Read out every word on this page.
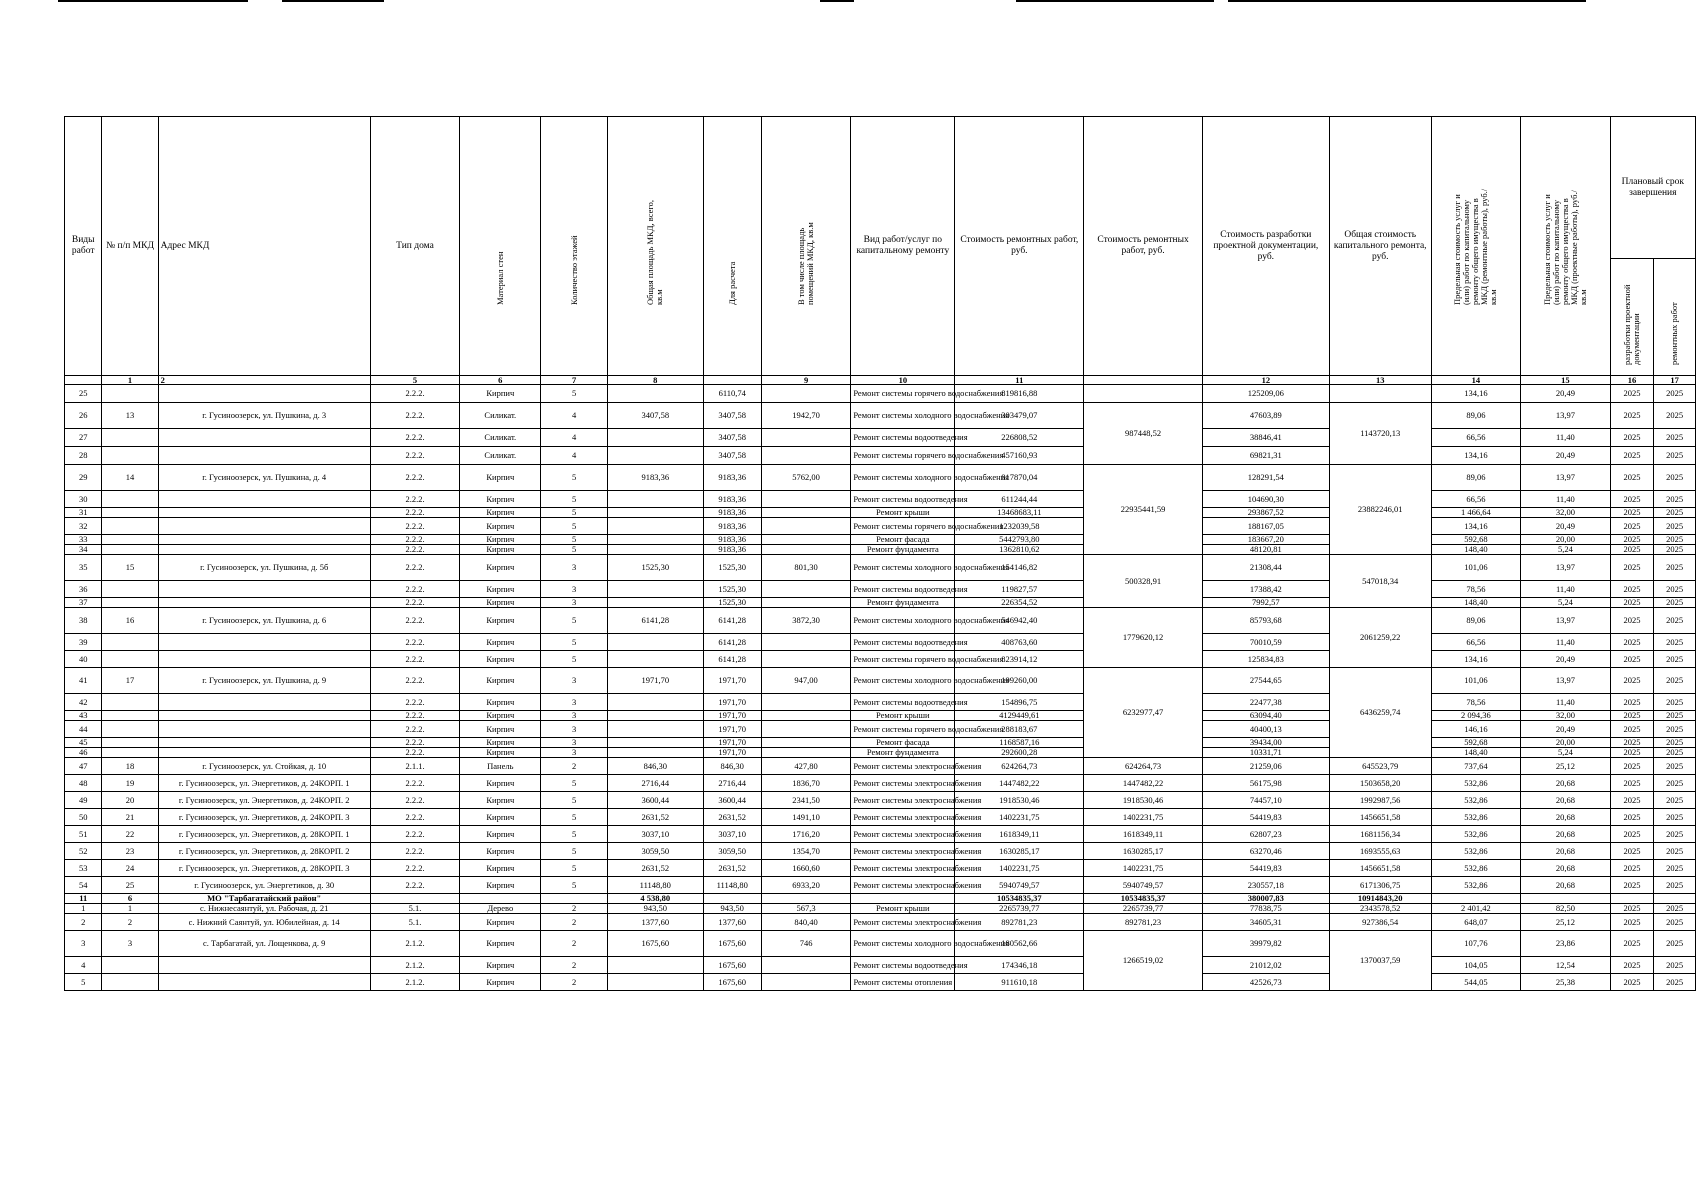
Виды работ	№ п/п МКД	Адрес МКД	Тип дома	Материал стен	Количество этажей	Общая площадь МКД, всего, кв.м	Для расчета	В том числе площадь помещений МКД, кв.м	Вид работ/услуг по капитальному ремонту	Стоимость ремонтных работ, руб.	Стоимость ремонтных работ, руб.	Стоимость разработки проектной документации, руб.	Общая стоимость капитального ремонта, руб.	Предельная стоимость услуг и (или) работ по капитальному ремонту общего имущества в МКД (ремонтные работы), руб./кв.м	Предельная стоимость услуг и (или) работ по капитальному ремонту общего имущества в МКД (проектные работы), руб./кв.м	Плановый срок завершения	

																разработки проектной документации	ремонтных работ

	1	2	5	6	7	8		9	10	11		12	13	14	15	16	17
25			2.2.2.	Кирпич	5		6110,74		Ремонт системы горячего водоснабжения	819816,88		125209,06		134,16	20,49	2025	2025
26	13	г. Гусиноозерск, ул. Пушкина, д. 3	2.2.2.	Силикат.	4	3407,58	3407,58	1942,70	Ремонт системы холодного водоснабжения	303479,07	987448,52	47603,89	1143720,13	89,06	13,97	2025	2025
27			2.2.2.	Силикат.	4		3407,58		Ремонт системы водоотведения	226808,52		38846,41		66,56	11,40	2025	2025
28			2.2.2.	Силикат.	4		3407,58		Ремонт системы горячего водоснабжения	457160,93		69821,31		134,16	20,49	2025	2025
29	14	г. Гусиноозерск, ул. Пушкина, д. 4	2.2.2.	Кирпич	5	9183,36	9183,36	5762,00	Ремонт системы холодного водоснабжения	817870,04	22935441,59	128291,54	23882246,01	89,06	13,97	2025	2025
30			2.2.2.	Кирпич	5		9183,36		Ремонт системы водоотведения	611244,44		104690,30		66,56	11,40	2025	2025
31			2.2.2.	Кирпич	5		9183,36		Ремонт крыши	13468683,11		293867,52		1 466,64	32,00	2025	2025
32			2.2.2.	Кирпич	5		9183,36		Ремонт системы горячего водоснабжения	1232039,58		188167,05		134,16	20,49	2025	2025
33			2.2.2.	Кирпич	5		9183,36		Ремонт фасада	5442793,80		183667,20		592,68	20,00	2025	2025
34			2.2.2.	Кирпич	5		9183,36		Ремонт фундамента	1362810,62		48120,81		148,40	5,24	2025	2025
35	15	г. Гусиноозерск, ул. Пушкина, д. 5б	2.2.2.	Кирпич	3	1525,30	1525,30	801,30	Ремонт системы холодного водоснабжения	154146,82	500328,91	21308,44	547018,34	101,06	13,97	2025	2025
36			2.2.2.	Кирпич	3		1525,30		Ремонт системы водоотведения	119827,57		17388,42		78,56	11,40	2025	2025
37			2.2.2.	Кирпич	3		1525,30		Ремонт фундамента	226354,52		7992,57		148,40	5,24	2025	2025
38	16	г. Гусиноозерск, ул. Пушкина, д. 6	2.2.2.	Кирпич	5	6141,28	6141,28	3872,30	Ремонт системы холодного водоснабжения	546942,40	1779620,12	85793,68	2061259,22	89,06	13,97	2025	2025
39			2.2.2.	Кирпич	5		6141,28		Ремонт системы водоотведения	408763,60		70010,59		66,56	11,40	2025	2025
40			2.2.2.	Кирпич	5		6141,28		Ремонт системы горячего водоснабжения	823914,12		125834,83		134,16	20,49	2025	2025
41	17	г. Гусиноозерск, ул. Пушкина, д. 9	2.2.2.	Кирпич	3	1971,70	1971,70	947,00	Ремонт системы холодного водоснабжения	199260,00	6232977,47	27544,65	6436259,74	101,06	13,97	2025	2025
42			2.2.2.	Кирпич	3		1971,70		Ремонт системы водоотведения	154896,75		22477,38		78,56	11,40	2025	2025
43			2.2.2.	Кирпич	3		1971,70		Ремонт крыши	4129449,61		63094,40		2 094,36	32,00	2025	2025
44			2.2.2.	Кирпич	3		1971,70		Ремонт системы горячего водоснабжения	288183,67		40400,13		146,16	20,49	2025	2025
45			2.2.2.	Кирпич	3		1971,70		Ремонт фасада	1168587,16		39434,00		592,68	20,00	2025	2025
46			2.2.2.	Кирпич	3		1971,70		Ремонт фундамента	292600,28		10331,71		148,40	5,24	2025	2025
47	18	г. Гусиноозерск, ул. Стойкая, д. 10	2.1.1.	Панель	2	846,30	846,30	427,80	Ремонт системы электроснабжения	624264,73	624264,73	21259,06	645523,79	737,64	25,12	2025	2025
48	19	г. Гусиноозерск, ул. Энергетиков, д. 24КОРП. 1	2.2.2.	Кирпич	5	2716,44	2716,44	1836,70	Ремонт системы электроснабжения	1447482,22	1447482,22	56175,98	1503658,20	532,86	20,68	2025	2025
49	20	г. Гусиноозерск, ул. Энергетиков, д. 24КОРП. 2	2.2.2.	Кирпич	5	3600,44	3600,44	2341,50	Ремонт системы электроснабжения	1918530,46	1918530,46	74457,10	1992987,56	532,86	20,68	2025	2025
50	21	г. Гусиноозерск, ул. Энергетиков, д. 24КОРП. 3	2.2.2.	Кирпич	5	2631,52	2631,52	1491,10	Ремонт системы электроснабжения	1402231,75	1402231,75	54419,83	1456651,58	532,86	20,68	2025	2025
51	22	г. Гусиноозерск, ул. Энергетиков, д. 28КОРП. 1	2.2.2.	Кирпич	5	3037,10	3037,10	1716,20	Ремонт системы электроснабжения	1618349,11	1618349,11	62807,23	1681156,34	532,86	20,68	2025	2025
52	23	г. Гусиноозерск, ул. Энергетиков, д. 28КОРП. 2	2.2.2.	Кирпич	5	3059,50	3059,50	1354,70	Ремонт системы электроснабжения	1630285,17	1630285,17	63270,46	1693555,63	532,86	20,68	2025	2025
53	24	г. Гусиноозерск, ул. Энергетиков, д. 28КОРП. 3	2.2.2.	Кирпич	5	2631,52	2631,52	1660,60	Ремонт системы электроснабжения	1402231,75	1402231,75	54419,83	1456651,58	532,86	20,68	2025	2025
54	25	г. Гусиноозерск, ул. Энергетиков, д. 30	2.2.2.	Кирпич	5	11148,80	11148,80	6933,20	Ремонт системы электроснабжения	5940749,57	5940749,57	230557,18	6171306,75	532,86	20,68	2025	2025
11	6	МО "Тарбагатайский район"				4 538,80				10534835,37	10534835,37	380007,83	10914843,20				
1	1	с. Нижнесаянтуй, ул. Рабочая, д. 21	5.1.	Дерево	2	943,50	943,50	567,3	Ремонт крыши	2265739,77	2265739,77	77838,75	2343578,52	2 401,42	82,50	2025	2025
2	2	с. Нижний Саянтуй, ул. Юбилейная, д. 14	5.1.	Кирпич	2	1377,60	1377,60	840,40	Ремонт системы электроснабжения	892781,23	892781,23	34605,31	927386,54	648,07	25,12	2025	2025
3	3	с. Тарбагатай, ул. Лощенкова, д. 9	2.1.2.	Кирпич	2	1675,60	1675,60	746	Ремонт системы холодного водоснабжения	180562,66	1266519,02	39979,82	1370037,59	107,76	23,86	2025	2025
4			2.1.2.	Кирпич	2		1675,60		Ремонт системы водоотведения	174346,18		21012,02		104,05	12,54	2025	2025
5			2.1.2.	Кирпич	2		1675,60		Ремонт системы отопления	911610,18		42526,73		544,05	25,38	2025	2025
